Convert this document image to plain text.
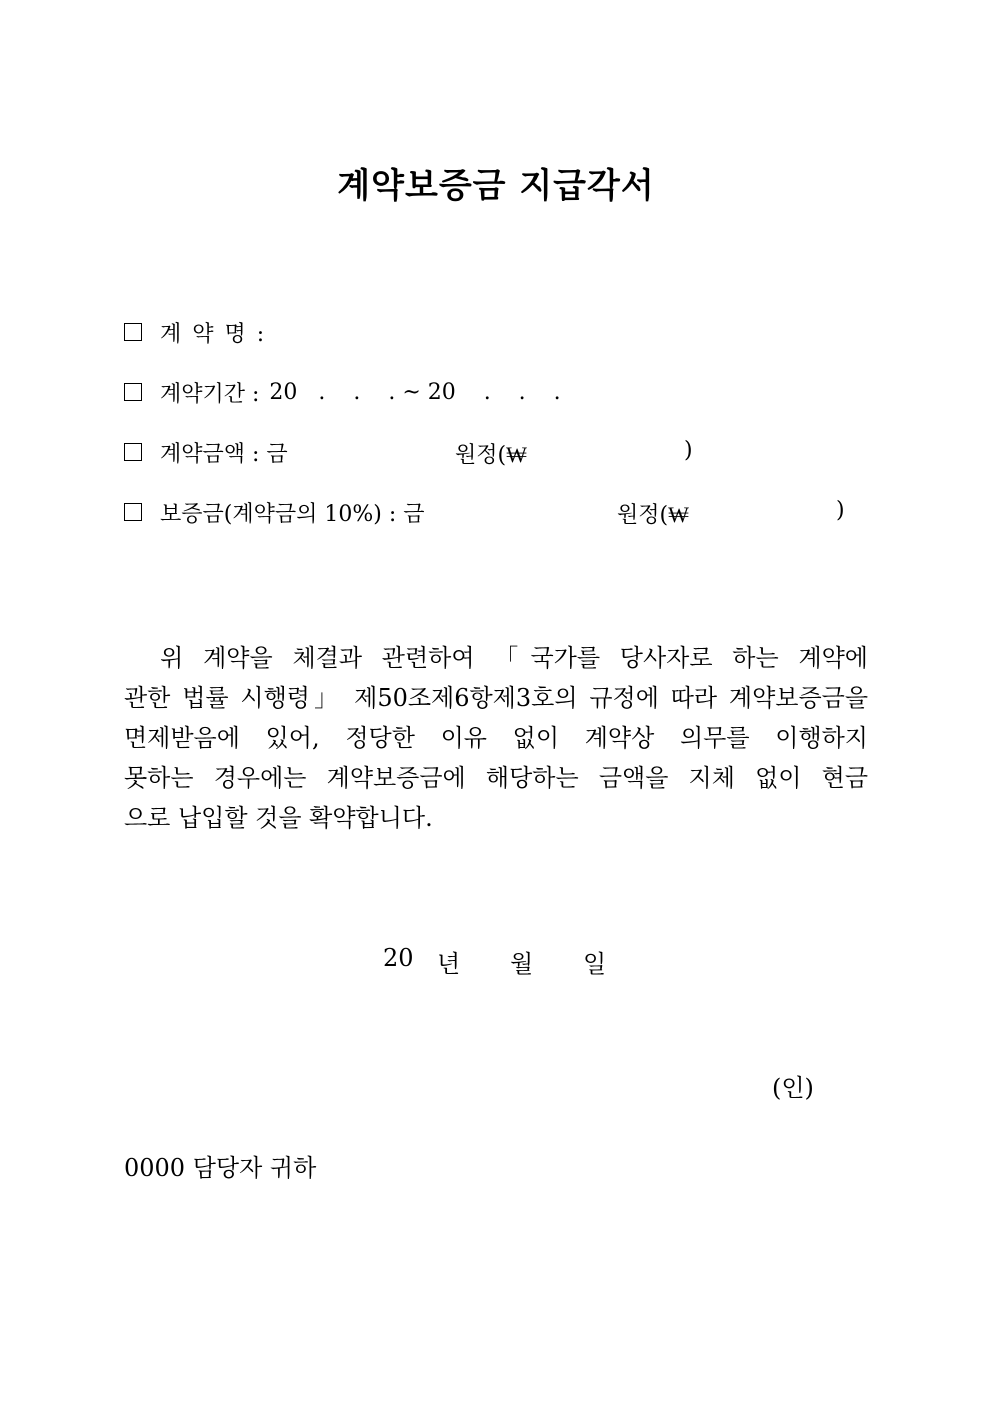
계약보증금 지급각서
계 약 명 :
계약기간 : 20   .    .    . ~ 20    .    .    .
계약금액 : 금	원정(₩	)
보증금(계약금의 10%) : 금	원정(₩	)
　위 계약을 체결과 관련하여 「국가를 당사자로 하는 계약에
관한 법률 시행령」 제50조제6항제3호의 규정에 따라 계약보증금을
면제받음에 있어, 정당한 이유 없이 계약상 의무를 이행하지
못하는 경우에는 계약보증금에 해당하는 금액을 지체 없이 현금
으로 납입할 것을 확약합니다.
20 년 월 일
(인)
0000 담당자 귀하
